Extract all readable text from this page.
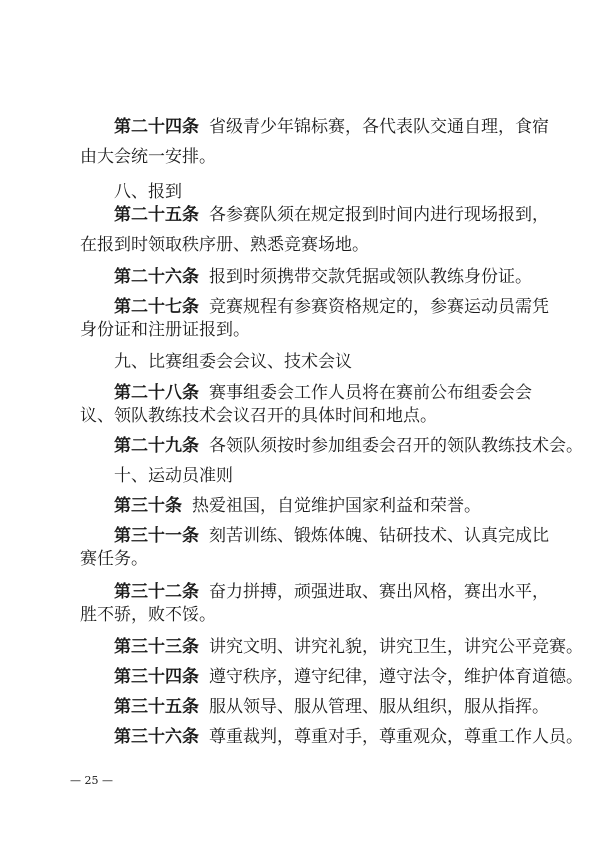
第二十四条 省级青少年锦标赛，各代表队交通自理，食宿
由大会统一安排。
八、报到
第二十五条 各参赛队须在规定报到时间内进行现场报到，
在报到时领取秩序册、熟悉竞赛场地。
第二十六条 报到时须携带交款凭据或领队教练身份证。
第二十七条 竞赛规程有参赛资格规定的，参赛运动员需凭
身份证和注册证报到。
九、比赛组委会会议、技术会议
第二十八条 赛事组委会工作人员将在赛前公布组委会会
议、领队教练技术会议召开的具体时间和地点。
第二十九条 各领队须按时参加组委会召开的领队教练技术会。
十、运动员准则
第三十条 热爱祖国，自觉维护国家利益和荣誉。
第三十一条 刻苦训练、锻炼体魄、钻研技术、认真完成比
赛任务。
第三十二条 奋力拼搏，顽强进取、赛出风格，赛出水平，
胜不骄，败不馁。
第三十三条 讲究文明、讲究礼貌，讲究卫生，讲究公平竞赛。
第三十四条 遵守秩序，遵守纪律，遵守法令，维护体育道德。
第三十五条 服从领导、服从管理、服从组织，服从指挥。
第三十六条 尊重裁判，尊重对手，尊重观众，尊重工作人员。
— 25 —
